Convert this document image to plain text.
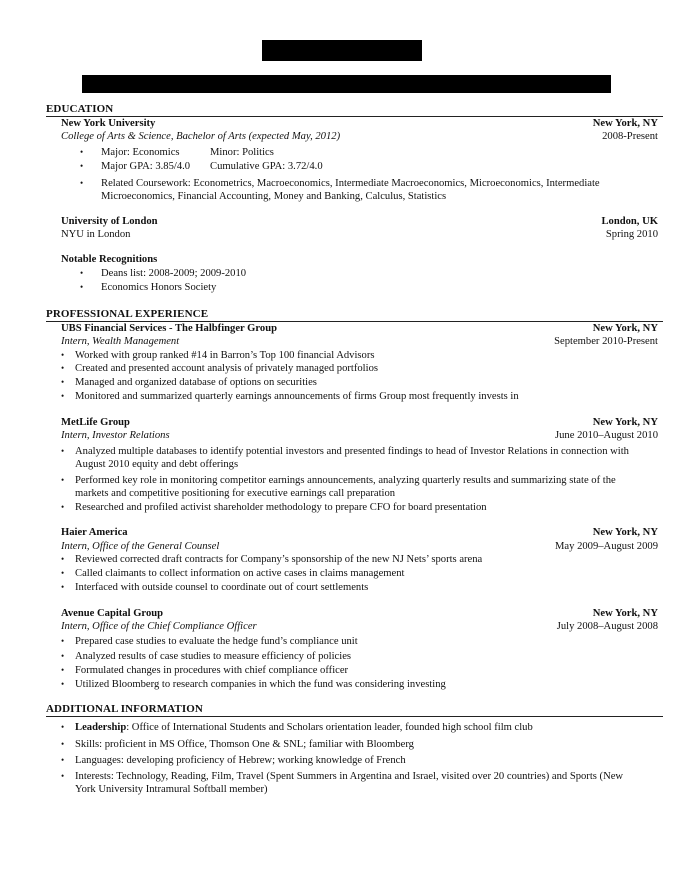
EDUCATION
New York University	New York, NY
College of Arts & Science, Bachelor of Arts (expected May, 2012)	2008-Present
• Major: Economics	Minor: Politics
• Major GPA: 3.85/4.0 Cumulative GPA: 3.72/4.0
• Related Coursework: Econometrics, Macroeconomics, Intermediate Macroeconomics, Microeconomics, Intermediate
Microeconomics, Financial Accounting, Money and Banking, Calculus, Statistics
University of London	London, UK
NYU in London	Spring 2010
Notable Recognitions
• Deans list: 2008-2009; 2009-2010
• Economics Honors Society
PROFESSIONAL EXPERIENCE
UBS Financial Services - The Halbfinger Group	New York, NY
Intern, Wealth Management	September 2010-Present
• Worked with group ranked #14 in Barron’s Top 100 financial Advisors
• Created and presented account analysis of privately managed portfolios
• Managed and organized database of options on securities
• Monitored and summarized quarterly earnings announcements of firms Group most frequently invests in
MetLife Group	New York, NY
Intern, Investor Relations	June 2010–August 2010
• Analyzed multiple databases to identify potential investors and presented findings to head of Investor Relations in connection with
August 2010 equity and debt offerings
• Performed key role in monitoring competitor earnings announcements, analyzing quarterly results and summarizing state of the
markets and competitive positioning for executive earnings call preparation
• Researched and profiled activist shareholder methodology to prepare CFO for board presentation
Haier America	New York, NY
Intern, Office of the General Counsel	May 2009–August 2009
• Reviewed corrected draft contracts for Company’s sponsorship of the new NJ Nets’ sports arena
• Called claimants to collect information on active cases in claims management
• Interfaced with outside counsel to coordinate out of court settlements
Avenue Capital Group	New York, NY
Intern, Office of the Chief Compliance Officer	July 2008–August 2008
• Prepared case studies to evaluate the hedge fund’s compliance unit
• Analyzed results of case studies to measure efficiency of policies
• Formulated changes in procedures with chief compliance officer
• Utilized Bloomberg to research companies in which the fund was considering investing
ADDITIONAL INFORMATION
• Leadership: Office of International Students and Scholars orientation leader, founded high school film club
• Skills: proficient in MS Office, Thomson One & SNL; familiar with Bloomberg
• Languages: developing proficiency of Hebrew; working knowledge of French
• Interests: Technology, Reading, Film, Travel (Spent Summers in Argentina and Israel, visited over 20 countries) and Sports (New
York University Intramural Softball member)
